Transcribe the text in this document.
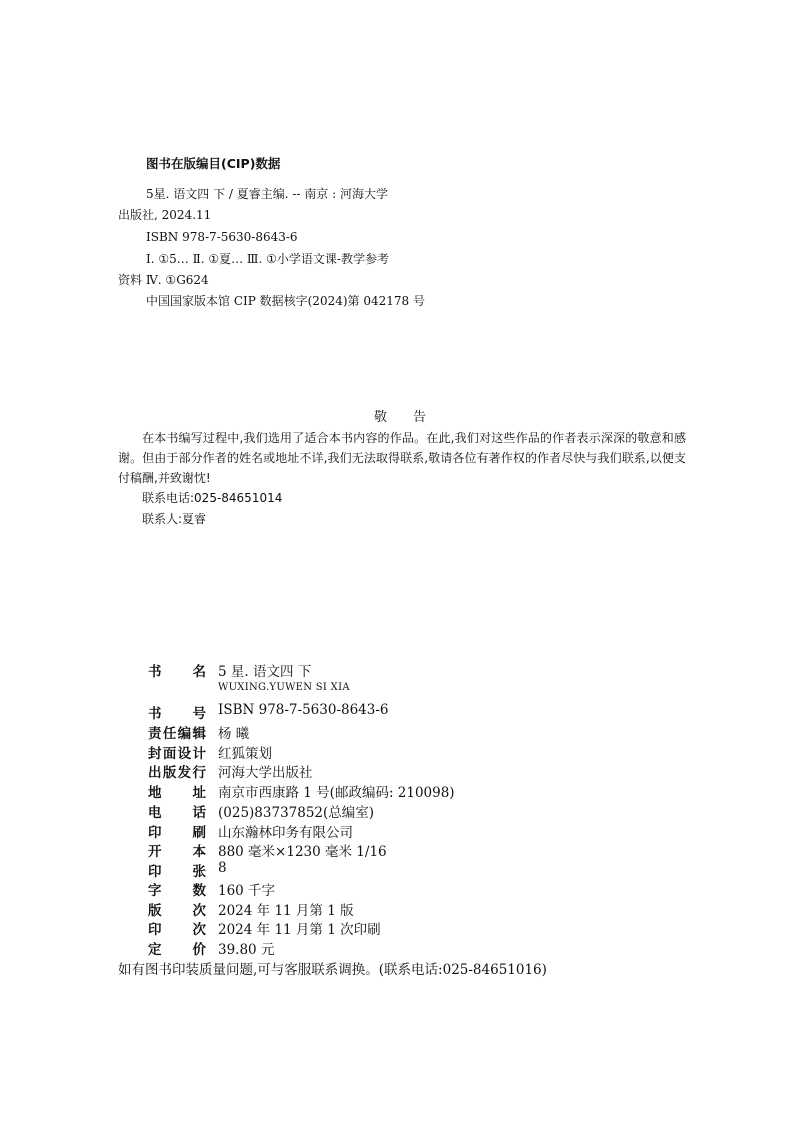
图书在版编目(CIP)数据
5星. 语文四 下 / 夏睿主编. -- 南京 : 河海大学
出版社, 2024.11
ISBN 978-7-5630-8643-6
Ⅰ. ①5… Ⅱ. ①夏… Ⅲ. ①小学语文课-教学参考
资料 Ⅳ. ①G624
中国国家版本馆 CIP 数据核字(2024)第 042178 号
敬告
在本书编写过程中,我们选用了适合本书内容的作品。在此,我们对这些作品的作者表示深深的敬意和感谢。但由于部分作者的姓名或地址不详,我们无法取得联系,敬请各位有著作权的作者尽快与我们联系,以便支付稿酬,并致谢忱!
联系电话:025-84651014
联系人:夏睿
书 名 5 星. 语文四 下
书 号 ISBN 978-7-5630-8643-6
责 任 编 辑 杨 曦
封 面 设 计 红狐策划
出 版 发 行 河海大学出版社
地 址 南京市西康路 1 号(邮政编码: 210098)
电 话 (025)83737852(总编室)
印 刷 山东瀚林印务有限公司
开 本 880 毫米×1230 毫米 1/16
印 张 8
字 数 160 千字
版 次 2024 年 11 月第 1 版
印 次 2024 年 11 月第 1 次印刷
定 价 39.80 元
WUXING.YUWEN SI XIA
如有图书印装质量问题,可与客服联系调换。(联系电话:025-84651016)
